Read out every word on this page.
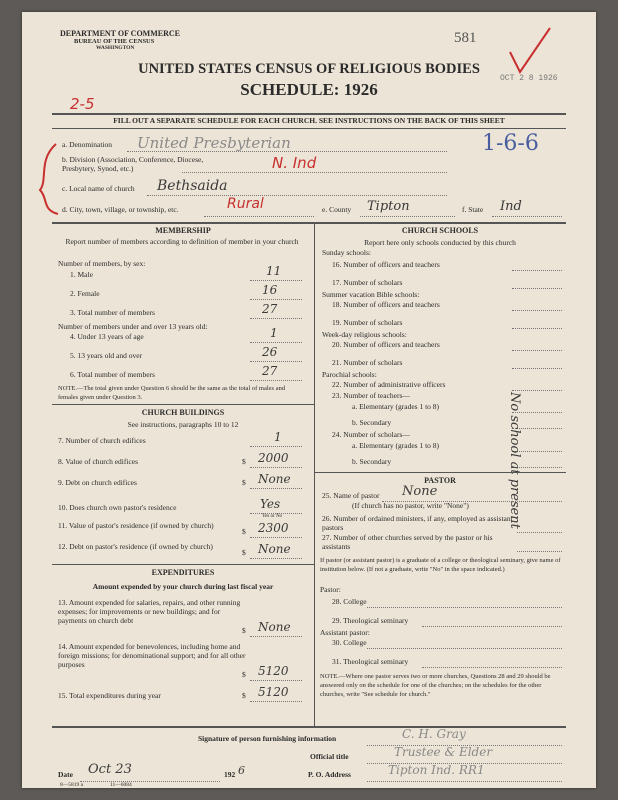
DEPARTMENT OF COMMERCE
BUREAU OF THE CENSUS
WASHINGTON
581
OCT 2 8 1926
UNITED STATES CENSUS OF RELIGIOUS BODIES
SCHEDULE: 1926
2-5
FILL OUT A SEPARATE SCHEDULE FOR EACH CHURCH. SEE INSTRUCTIONS ON THE BACK OF THIS SHEET
a. Denomination United Presbyterian	1-6-6
b. Division (Association, Conference, Diocese, Presbytery, Synod, etc.)	N. Ind
c. Local name of church Bethsaida
d. City, town, village, or township, etc.	Rural	e. County Tipton	f. State Ind
MEMBERSHIP
Report number of members according to definition of member in your church
Number of members, by sex:
1. Male	11
2. Female	16
3. Total number of members	27
Number of members under and over 13 years old:
4. Under 13 years of age	1
5. 13 years old and over	26
6. Total number of members	27
NOTE.—The total given under Question 6 should be the same as the total of males and females given under Question 3.
CHURCH BUILDINGS
See instructions, paragraphs 10 to 12
7. Number of church edifices	1
8. Value of church edifices	$ 2000
9. Debt on church edifices	$ None
10. Does church own pastor's residence	Yes
Yes or No
11. Value of pastor's residence (if owned by church)
$ 2300
12. Debt on pastor's residence (if owned by church)
$ None
EXPENDITURES
Amount expended by your church during last fiscal year
13. Amount expended for salaries, repairs, and other running expenses; for improvements or new buildings; and for payments on church debt
$ None
14. Amount expended for benevolences, including home and foreign missions; for denominational support; and for all other purposes
$ 5120
15. Total expenditures during year	$ 5120
CHURCH SCHOOLS
Report here only schools conducted by this church
Sunday schools:
16. Number of officers and teachers
17. Number of scholars
Summer vacation Bible schools:
18. Number of officers and teachers
19. Number of scholars
Week-day religious schools:
20. Number of officers and teachers
21. Number of scholars
Parochial schools:
22. Number of administrative officers
23. Number of teachers—
a. Elementary (grades 1 to 8)
b. Secondary
24. Number of scholars—
a. Elementary (grades 1 to 8)
b. Secondary	No school at present
PASTOR
25. Name of pastor None
(If church has no pastor, write "None")
26. Number of ordained ministers, if any, employed as assistant pastors
27. Number of other churches served by the pastor or his assistants
If pastor (or assistant pastor) is a graduate of a college or theological seminary, give name of institution below. (If not a graduate, write "No" in the space indicated.)
Pastor:
28. College
29. Theological seminary
Assistant pastor:
30. College
31. Theological seminary
NOTE.—Where one pastor serves two or more churches, Questions 28 and 29 should be answered only on the schedule for one of the churches; on the schedules for the other churches, write "See schedule for church."
Signature of person furnishing information	C. H. Gray
Official title	Trustee & Elder
Date Oct 23	192 6	P. O. Address	Tipton Ind. RR1
8—5819 a	11—6084
